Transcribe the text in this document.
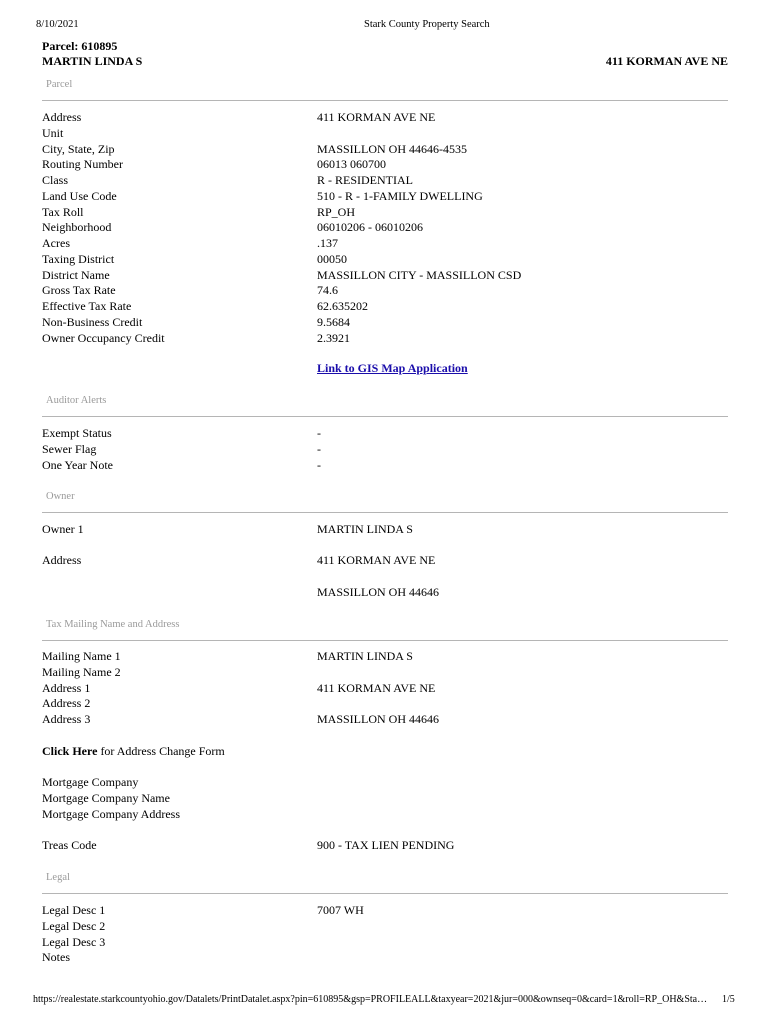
8/10/2021	Stark County Property Search
Parcel: 610895
MARTIN LINDA S	411 KORMAN AVE NE
Parcel
Address	411 KORMAN AVE NE
Unit
City, State, Zip	MASSILLON OH 44646-4535
Routing Number	06013 060700
Class	R - RESIDENTIAL
Land Use Code	510 - R - 1-FAMILY DWELLING
Tax Roll	RP_OH
Neighborhood	06010206 - 06010206
Acres	.137
Taxing District	00050
District Name	MASSILLON CITY - MASSILLON CSD
Gross Tax Rate	74.6
Effective Tax Rate	62.635202
Non-Business Credit	9.5684
Owner Occupancy Credit	2.3921
Link to GIS Map Application
Auditor Alerts
Exempt Status	-
Sewer Flag	-
One Year Note	-
Owner
Owner 1	MARTIN LINDA S
Address	411 KORMAN AVE NE
MASSILLON OH 44646
Tax Mailing Name and Address
Mailing Name 1	MARTIN LINDA S
Mailing Name 2
Address 1	411 KORMAN AVE NE
Address 2
Address 3	MASSILLON OH 44646
Click Here for Address Change Form
Mortgage Company
Mortgage Company Name
Mortgage Company Address
Treas Code	900 - TAX LIEN PENDING
Legal
Legal Desc 1	7007 WH
Legal Desc 2
Legal Desc 3
Notes
https://realestate.starkcountyohio.gov/Datalets/PrintDatalet.aspx?pin=610895&gsp=PROFILEALL&taxyear=2021&jur=000&ownseq=0&card=1&roll=RP_OH&Sta…	1/5
